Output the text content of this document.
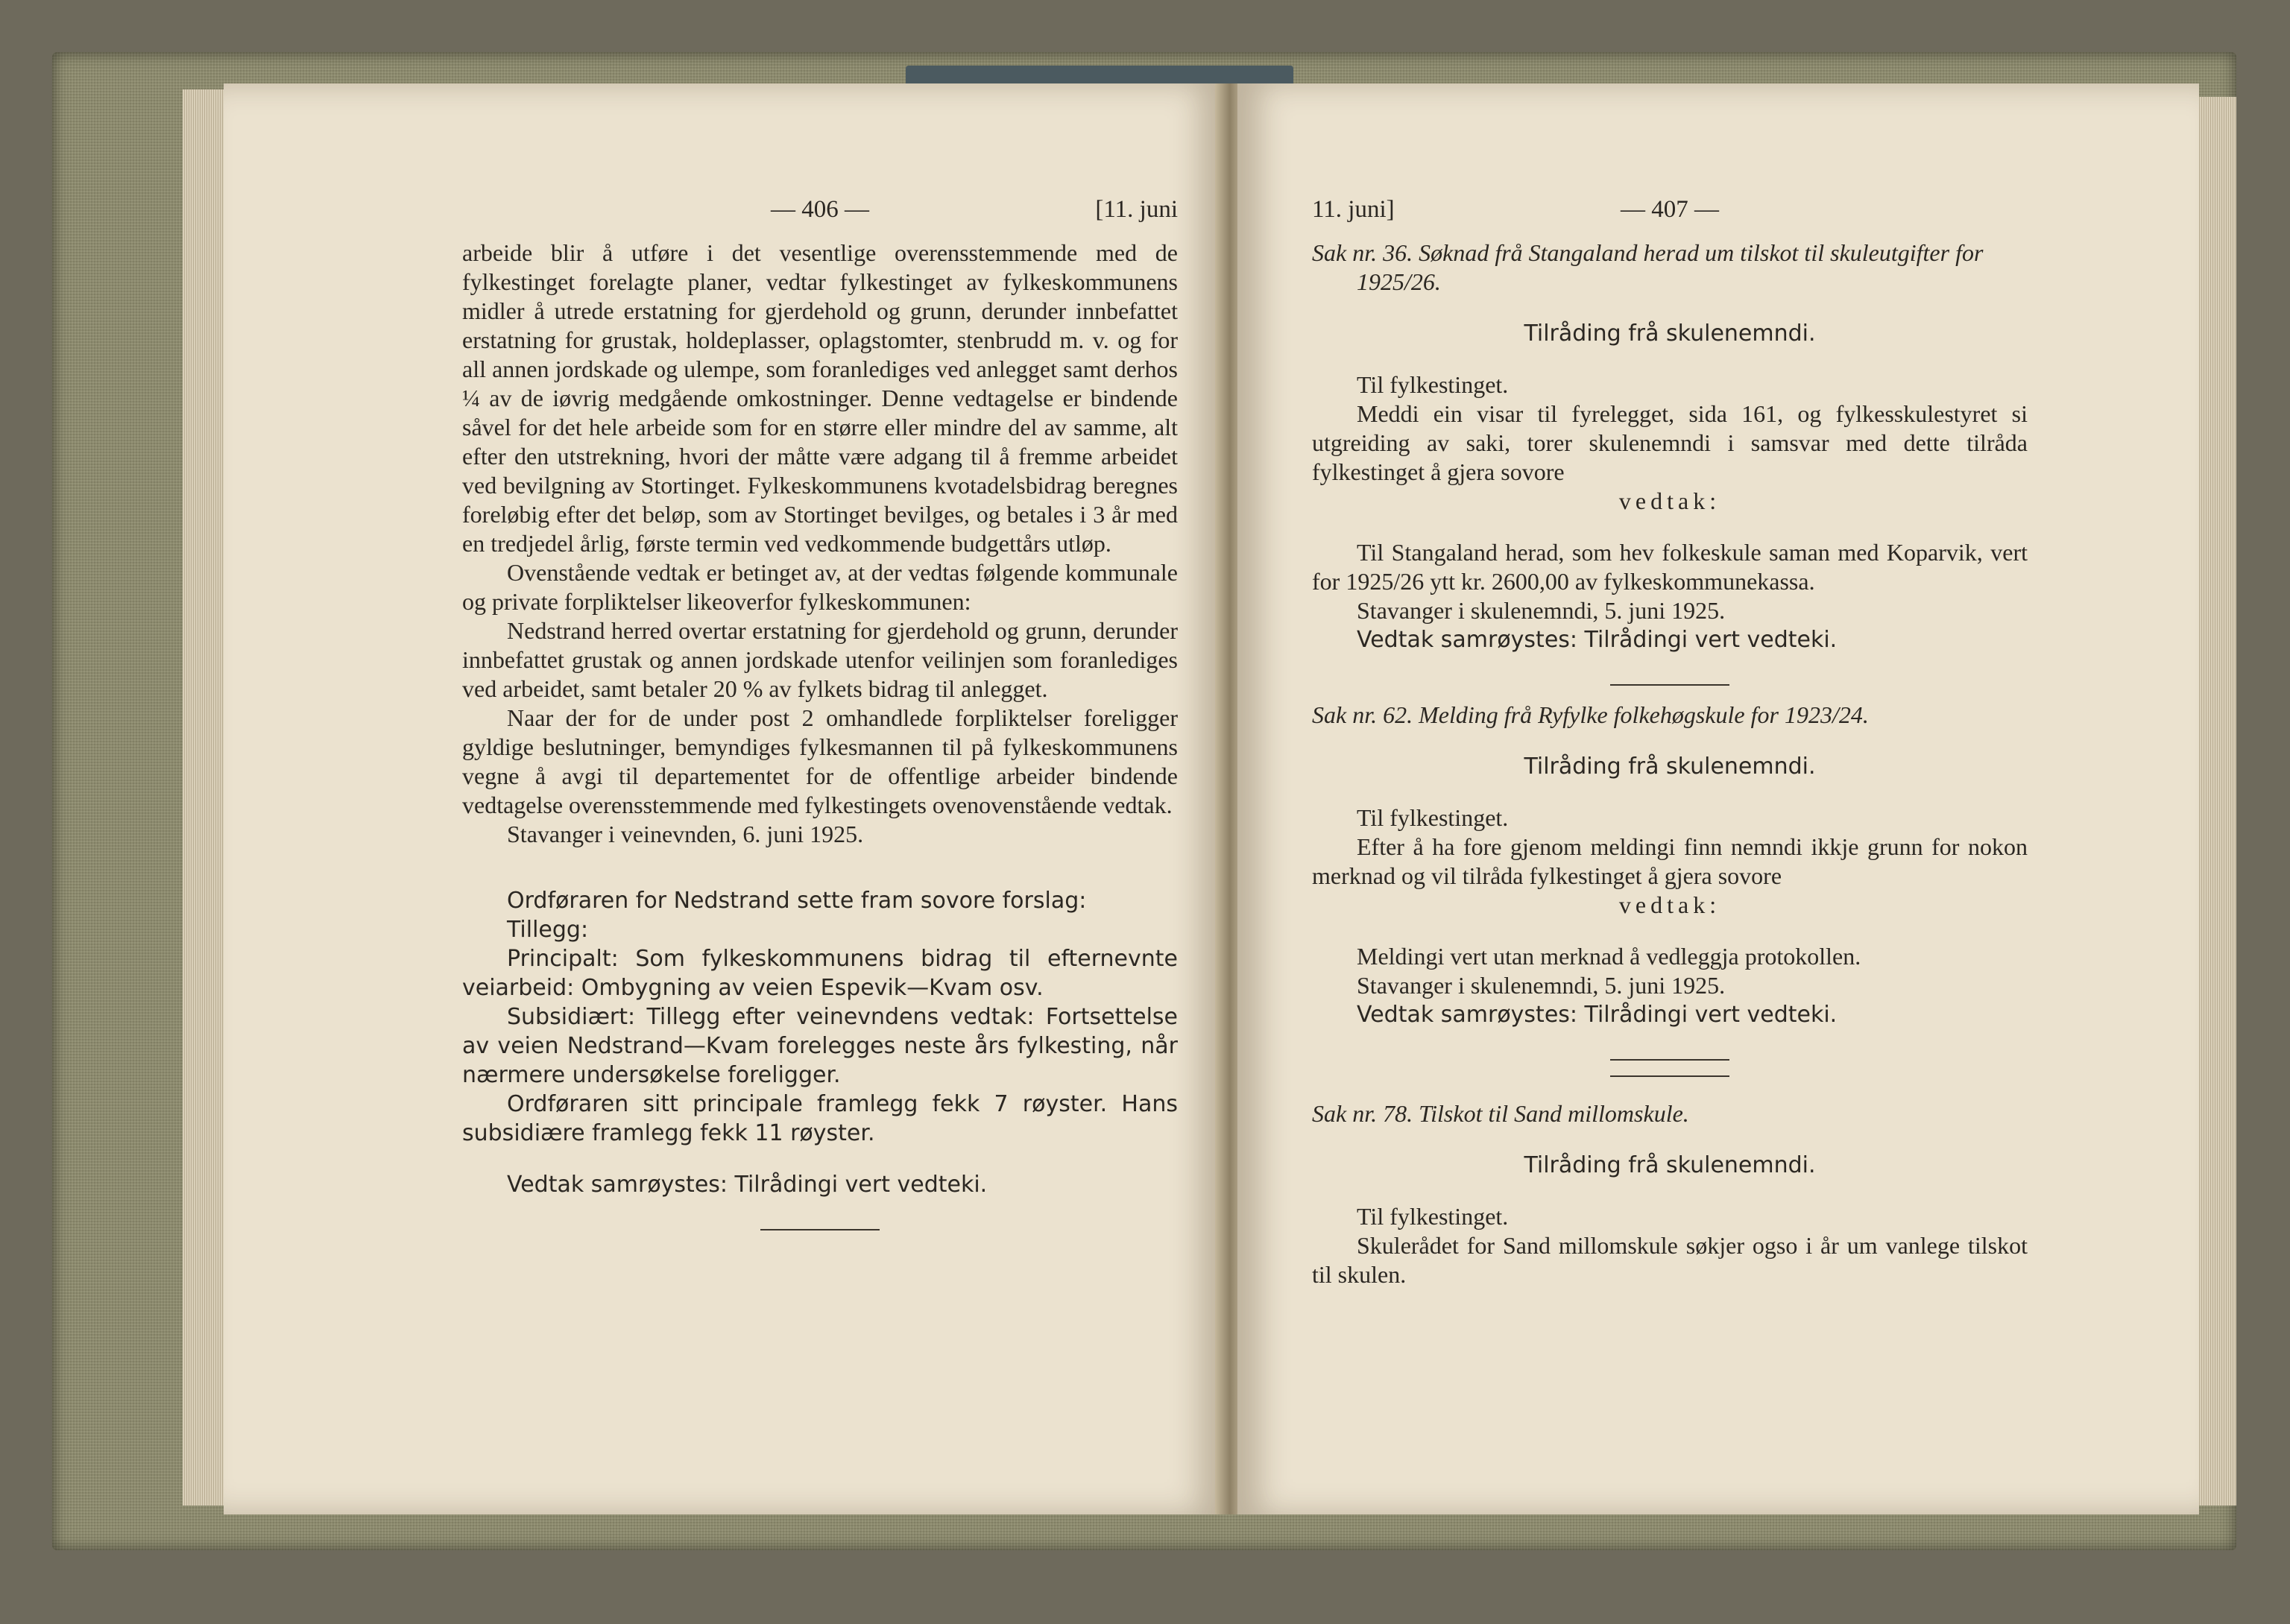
— 406 —	[11. juni

arbeide blir å utføre i det vesentlige overensstemmende med de fylkestinget forelagte planer, vedtar fylkestinget av fylkeskommunens midler å utrede erstatning for gjerdehold og grunn, derunder innbefattet erstatning for grustak, holdeplasser, oplagstomter, stenbrudd m. v. og for all annen jordskade og ulempe, som foranlediges ved anlegget samt derhos ¼ av de iøvrig medgående omkostninger. Denne vedtagelse er bindende såvel for det hele arbeide som for en større eller mindre del av samme, alt efter den utstrekning, hvori der måtte være adgang til å fremme arbeidet ved bevilgning av Stortinget. Fylkeskommunens kvotadelsbidrag beregnes foreløbig efter det beløp, som av Stortinget bevilges, og betales i 3 år med en tredjedel årlig, første termin ved vedkommende budgettårs utløp.

Ovenstående vedtak er betinget av, at der vedtas følgende kommunale og private forpliktelser likeoverfor fylkeskommunen:

Nedstrand herred overtar erstatning for gjerdehold og grunn, derunder innbefattet grustak og annen jordskade utenfor veilinjen som foranlediges ved arbeidet, samt betaler 20 % av fylkets bidrag til anlegget.

Naar der for de under post 2 omhandlede forpliktelser foreligger gyldige beslutninger, bemyndiges fylkesmannen til på fylkeskommunens vegne å avgi til departementet for de offentlige arbeider bindende vedtagelse overensstemmende med fylkestingets ovenovenstående vedtak.

Stavanger i veinevnden, 6. juni 1925.

Ordføraren for Nedstrand sette fram sovore forslag:

Tillegg:

Principalt: Som fylkeskommunens bidrag til efternevnte veiarbeid: Ombygning av veien Espevik—Kvam osv.

Subsidiært: Tillegg efter veinevndens vedtak: Fortsettelse av veien Nedstrand—Kvam forelegges neste års fylkesting, når nærmere undersøkelse foreligger.

Ordføraren sitt principale framlegg fekk 7 røyster. Hans subsidiære framlegg fekk 11 røyster.

Vedtak samrøystes: Tilrådingi vert vedteki.

11. juni]	— 407 —

Sak nr. 36. Søknad frå Stangaland herad um tilskot til skuleutgifter for 1925/26.

Tilråding frå skulenemndi.

Til fylkestinget.

Meddi ein visar til fyrelegget, sida 161, og fylkesskulestyret si utgreiding av saki, torer skulenemndi i samsvar med dette tilråda fylkestinget å gjera sovore

vedtak:

Til Stangaland herad, som hev folkeskule saman med Koparvik, vert for 1925/26 ytt kr. 2600,00 av fylkeskommunekassa.

Stavanger i skulenemndi, 5. juni 1925.

Vedtak samrøystes: Tilrådingi vert vedteki.

Sak nr. 62. Melding frå Ryfylke folkehøgskule for 1923/24.

Tilråding frå skulenemndi.

Til fylkestinget.

Efter å ha fore gjenom meldingi finn nemndi ikkje grunn for nokon merknad og vil tilråda fylkestinget å gjera sovore

vedtak:

Meldingi vert utan merknad å vedleggja protokollen.

Stavanger i skulenemndi, 5. juni 1925.

Vedtak samrøystes: Tilrådingi vert vedteki.

Sak nr. 78. Tilskot til Sand millomskule.

Tilråding frå skulenemndi.

Til fylkestinget.

Skulerådet for Sand millomskule søkjer ogso i år um vanlege tilskot til skulen.
